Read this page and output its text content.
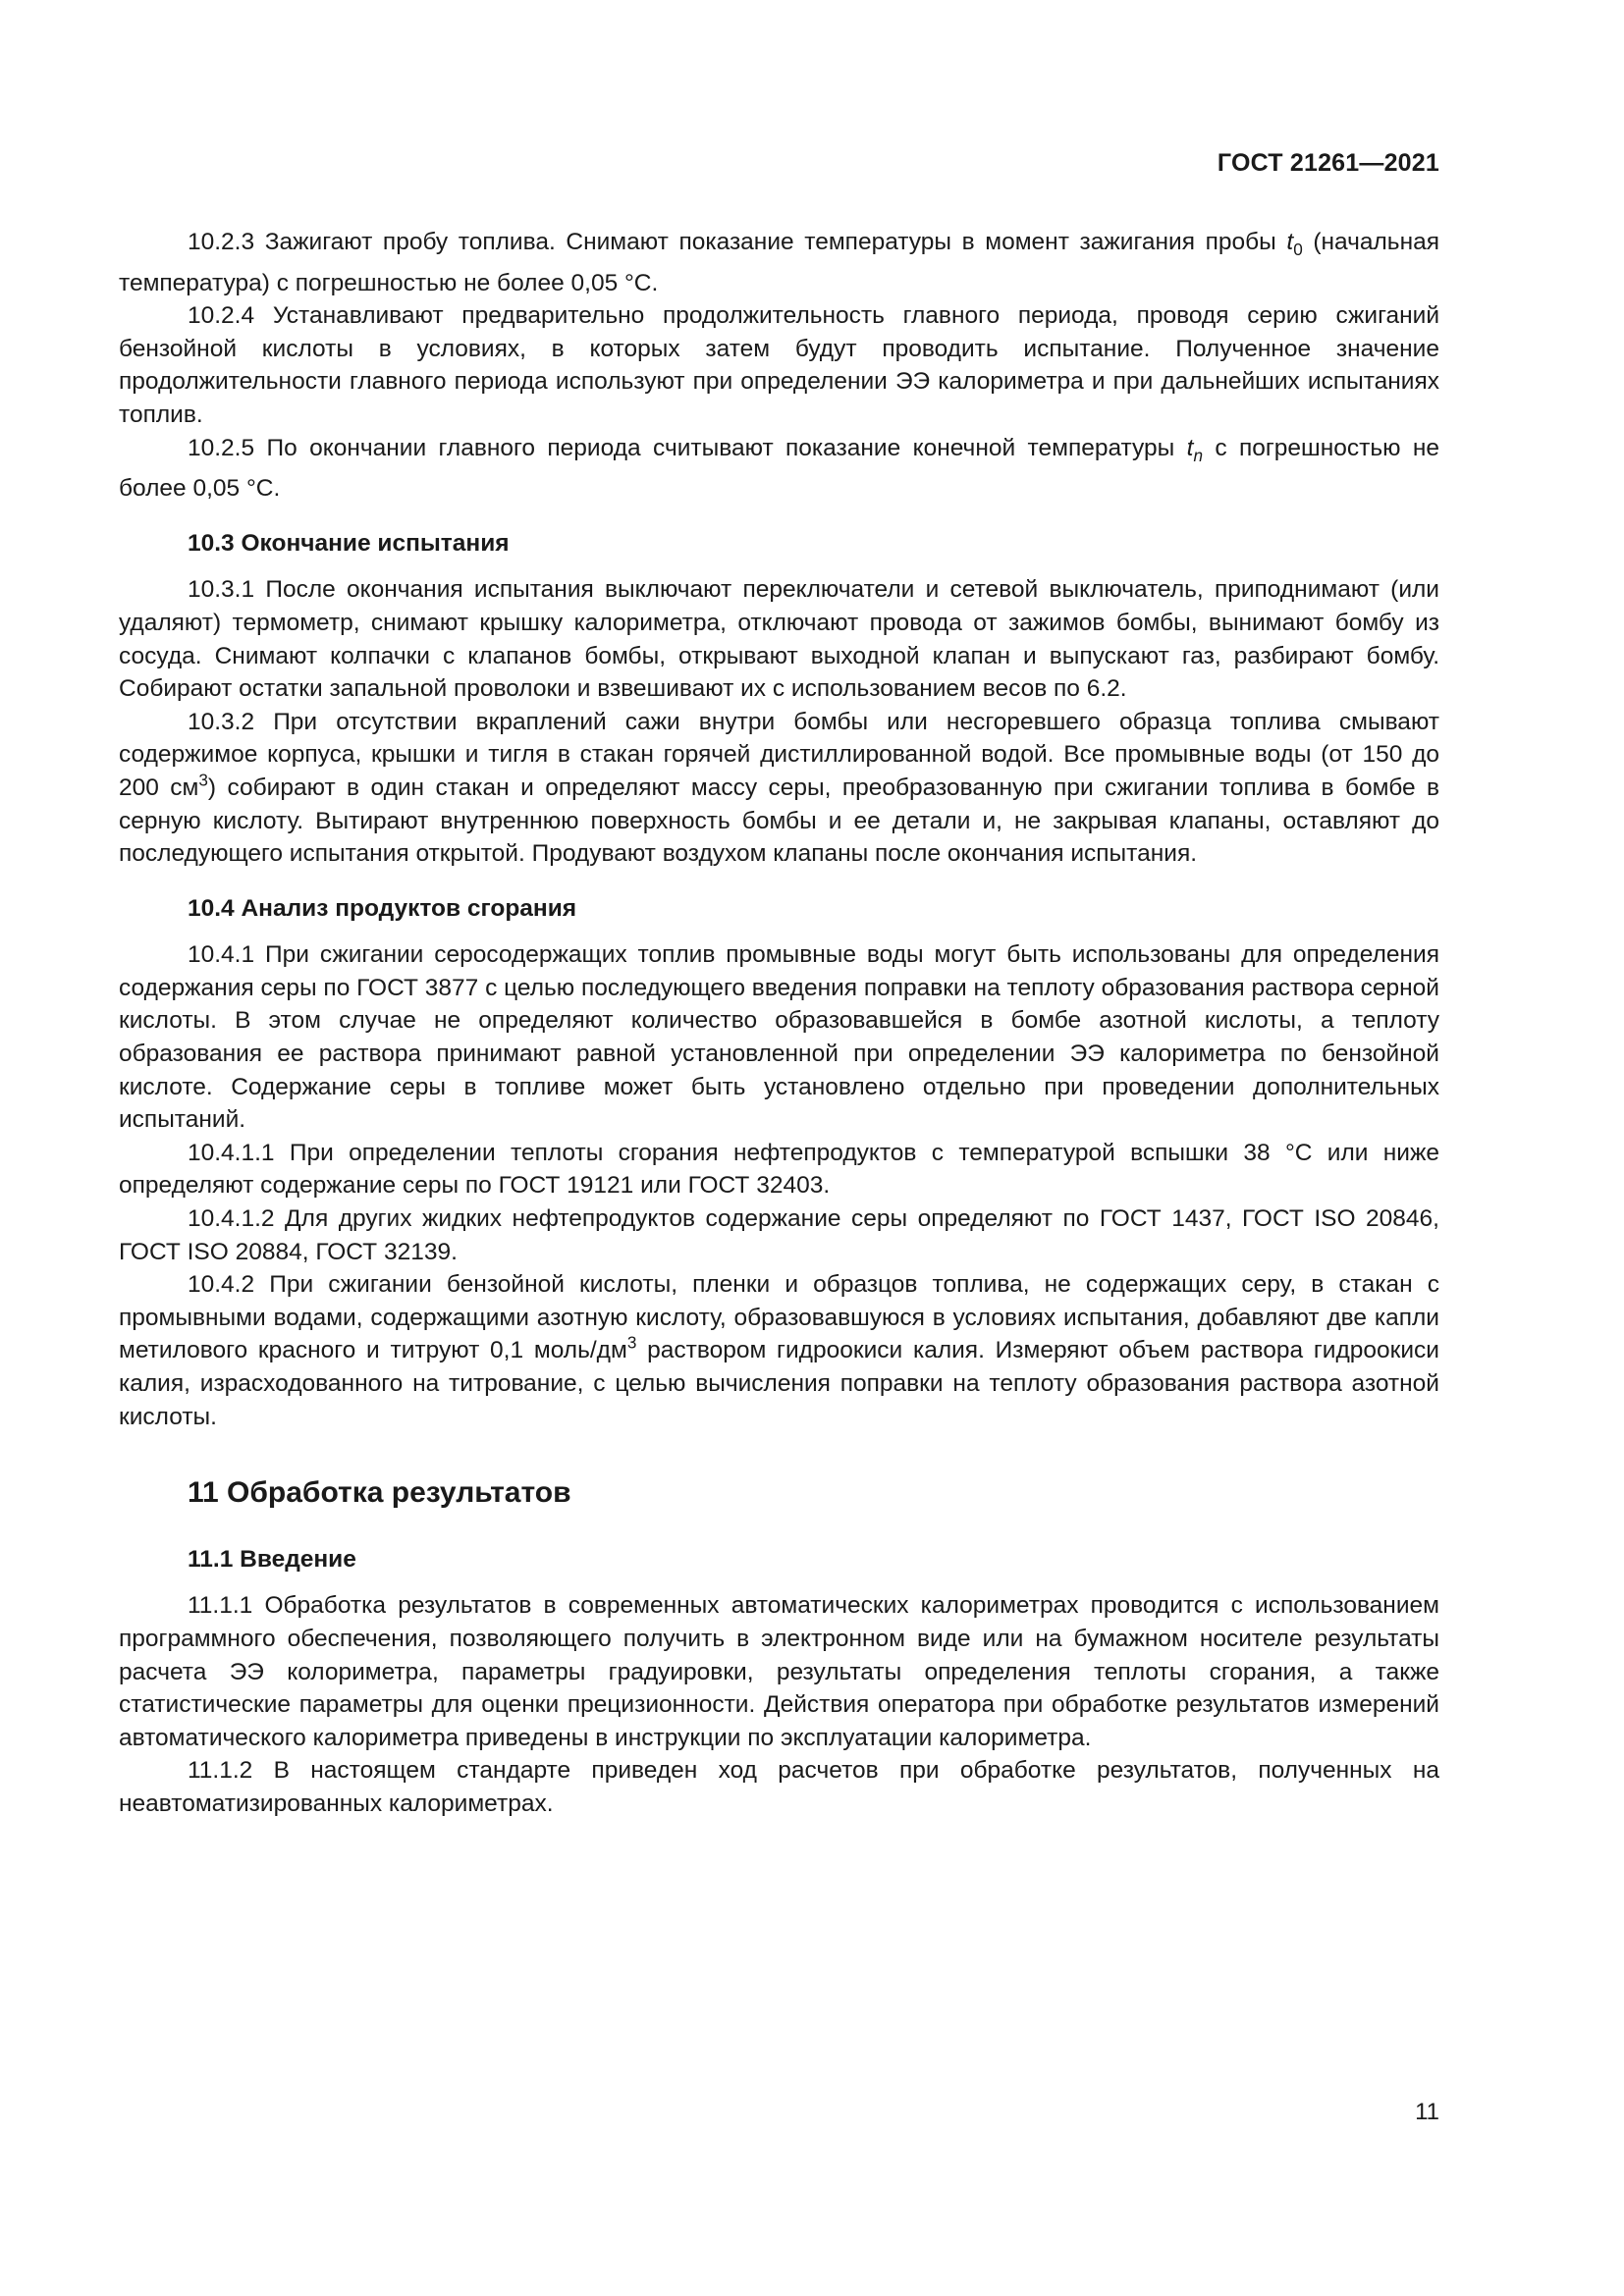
ГОСТ 21261—2021

10.2.3 Зажигают пробу топлива. Снимают показание температуры в момент зажигания пробы $t_0$ (начальная температура) с погрешностью не более 0,05 °С.

10.2.4 Устанавливают предварительно продолжительность главного периода, проводя серию сжиганий бензойной кислоты в условиях, в которых затем будут проводить испытание. Полученное значение продолжительности главного периода используют при определении ЭЭ калориметра и при дальнейших испытаниях топлив.

10.2.5 По окончании главного периода считывают показание конечной температуры $t_n$ с погрешностью не более 0,05 °С.

10.3 Окончание испытания

10.3.1 После окончания испытания выключают переключатели и сетевой выключатель, приподнимают (или удаляют) термометр, снимают крышку калориметра, отключают провода от зажимов бомбы, вынимают бомбу из сосуда. Снимают колпачки с клапанов бомбы, открывают выходной клапан и выпускают газ, разбирают бомбу. Собирают остатки запальной проволоки и взвешивают их с использованием весов по 6.2.

10.3.2 При отсутствии вкраплений сажи внутри бомбы или несгоревшего образца топлива смывают содержимое корпуса, крышки и тигля в стакан горячей дистиллированной водой. Все промывные воды (от 150 до 200 $см^3$) собирают в один стакан и определяют массу серы, преобразованную при сжигании топлива в бомбе в серную кислоту. Вытирают внутреннюю поверхность бомбы и ее детали и, не закрывая клапаны, оставляют до последующего испытания открытой. Продувают воздухом клапаны после окончания испытания.

10.4 Анализ продуктов сгорания

10.4.1 При сжигании серосодержащих топлив промывные воды могут быть использованы для определения содержания серы по ГОСТ 3877 с целью последующего введения поправки на теплоту образования раствора серной кислоты. В этом случае не определяют количество образовавшейся в бомбе азотной кислоты, а теплоту образования ее раствора принимают равной установленной при определении ЭЭ калориметра по бензойной кислоте. Содержание серы в топливе может быть установлено отдельно при проведении дополнительных испытаний.

10.4.1.1 При определении теплоты сгорания нефтепродуктов с температурой вспышки 38 °С или ниже определяют содержание серы по ГОСТ 19121 или ГОСТ 32403.

10.4.1.2 Для других жидких нефтепродуктов содержание серы определяют по ГОСТ 1437, ГОСТ ISO 20846, ГОСТ ISO 20884, ГОСТ 32139.

10.4.2 При сжигании бензойной кислоты, пленки и образцов топлива, не содержащих серу, в стакан с промывными водами, содержащими азотную кислоту, образовавшуюся в условиях испытания, добавляют две капли метилового красного и титруют 0,1 моль/$дм^3$ раствором гидроокиси калия. Измеряют объем раствора гидроокиси калия, израсходованного на титрование, с целью вычисления поправки на теплоту образования раствора азотной кислоты.

11 Обработка результатов
11.1 Введение

11.1.1 Обработка результатов в современных автоматических калориметрах проводится с использованием программного обеспечения, позволяющего получить в электронном виде или на бумажном носителе результаты расчета ЭЭ колориметра, параметры градуировки, результаты определения теплоты сгорания, а также статистические параметры для оценки прецизионности. Действия оператора при обработке результатов измерений автоматического калориметра приведены в инструкции по эксплуатации калориметра.

11.1.2 В настоящем стандарте приведен ход расчетов при обработке результатов, полученных на неавтоматизированных калориметрах.

11
